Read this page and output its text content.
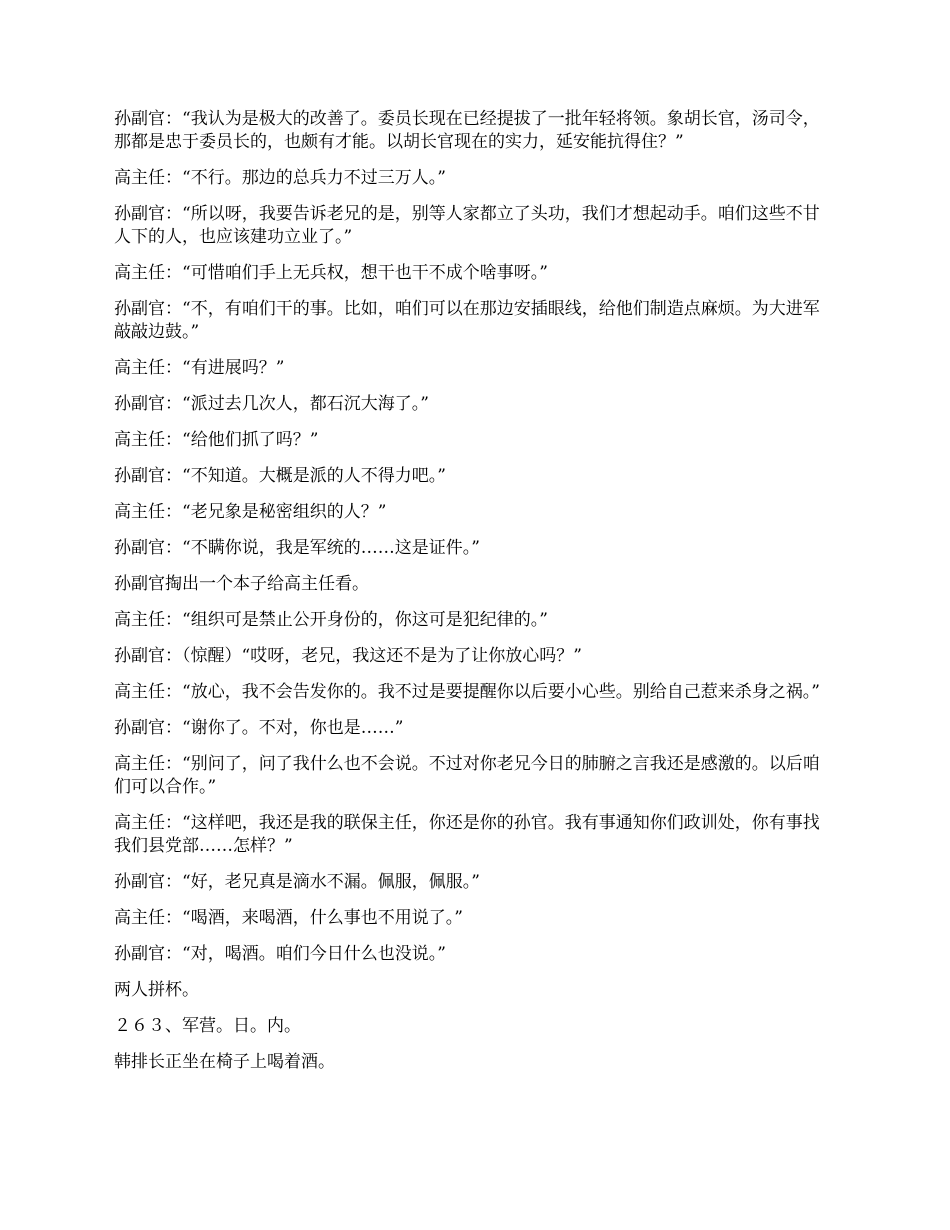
孙副官：“我认为是极大的改善了。委员长现在已经提拔了一批年轻将领。象胡长官，汤司令，那都是忠于委员长的，也颇有才能。以胡长官现在的实力，延安能抗得住？”

高主任：“不行。那边的总兵力不过三万人。”

孙副官：“所以呀，我要告诉老兄的是，别等人家都立了头功，我们才想起动手。咱们这些不甘人下的人，也应该建功立业了。”

高主任：“可惜咱们手上无兵权，想干也干不成个啥事呀。”

孙副官：“不，有咱们干的事。比如，咱们可以在那边安插眼线，给他们制造点麻烦。为大进军敲敲边鼓。”

高主任：“有进展吗？”

孙副官：“派过去几次人，都石沉大海了。”

高主任：“给他们抓了吗？”

孙副官：“不知道。大概是派的人不得力吧。”

高主任：“老兄象是秘密组织的人？”

孙副官：“不瞒你说，我是军统的……这是证件。”

孙副官掏出一个本子给高主任看。

高主任：“组织可是禁止公开身份的，你这可是犯纪律的。”

孙副官：（惊醒）“哎呀，老兄，我这还不是为了让你放心吗？”

高主任：“放心，我不会告发你的。我不过是要提醒你以后要小心些。别给自己惹来杀身之祸。”

孙副官：“谢你了。不对，你也是……”

高主任：“别问了，问了我什么也不会说。不过对你老兄今日的肺腑之言我还是感激的。以后咱们可以合作。”

高主任：“这样吧，我还是我的联保主任，你还是你的孙官。我有事通知你们政训处，你有事找我们县党部……怎样？”

孙副官：“好，老兄真是滴水不漏。佩服，佩服。”

高主任：“喝酒，来喝酒，什么事也不用说了。”

孙副官：“对，喝酒。咱们今日什么也没说。”

两人拼杯。

２６３、军营。日。内。

韩排长正坐在椅子上喝着酒。
